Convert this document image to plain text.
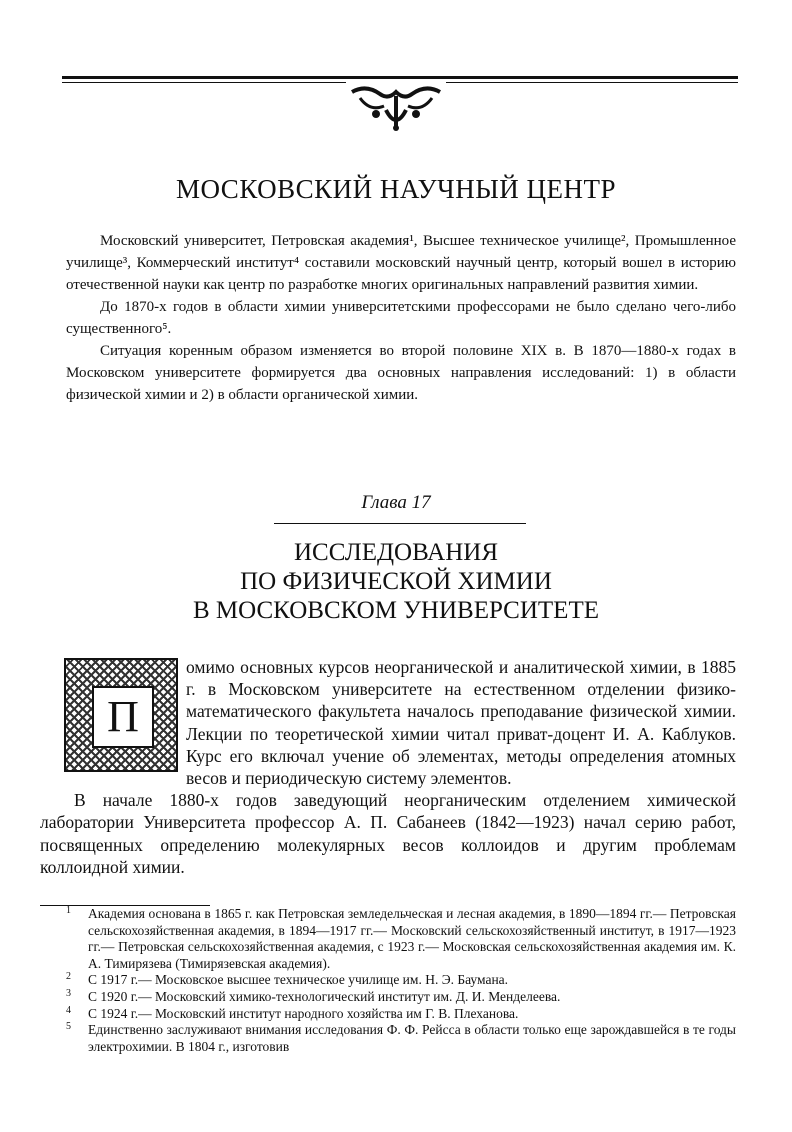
МОСКОВСКИЙ НАУЧНЫЙ ЦЕНТР

Московский университет, Петровская академия¹, Высшее техническое училище², Промышленное училище³, Коммерческий институт⁴ составили московский научный центр, который вошел в историю отечественной науки как центр по разработке многих оригинальных направлений развития химии.

До 1870-х годов в области химии университетскими профессорами не было сделано чего-либо существенного⁵.

Ситуация коренным образом изменяется во второй половине XIX в. В 1870—1880-х годах в Московском университете формируется два основных направления исследований: 1) в области физической химии и 2) в области органической химии.

Глава 17
ИССЛЕДОВАНИЯ
ПО ФИЗИЧЕСКОЙ ХИМИИ
В МОСКОВСКОМ УНИВЕРСИТЕТЕ
П

омимо основных курсов неорганической и аналитической химии, в 1885 г. в Московском университете на естественном отделении физико-математического факультета началось преподавание физической химии. Лекции по теоретической химии читал приват-доцент И. А. Каблуков. Курс его включал учение об элементах, методы определения атомных весов и периодическую систему элементов.

В начале 1880-х годов заведующий неорганическим отделением химической лаборатории Университета профессор А. П. Сабанеев (1842—1923) начал серию работ, посвященных определению молекулярных весов коллоидов и другим проблемам коллоидной химии.

1 Академия основана в 1865 г. как Петровская земледельческая и лесная академия, в 1890—1894 гг.— Петровская сельскохозяйственная академия, в 1894—1917 гг.— Московский сельскохозяйственный институт, в 1917—1923 гг.— Петровская сельскохозяйственная академия, с 1923 г.— Московская сельскохозяйственная академия им. К. А. Тимирязева (Тимирязевская академия).

2 С 1917 г.— Московское высшее техническое училище им. Н. Э. Баумана.

3 С 1920 г.— Московский химико-технологический институт им. Д. И. Менделеева.

4 С 1924 г.— Московский институт народного хозяйства им Г. В. Плеханова.

5 Единственно заслуживают внимания исследования Ф. Ф. Рейсса в области только еще зарождавшейся в те годы электрохимии. В 1804 г., изготовив
